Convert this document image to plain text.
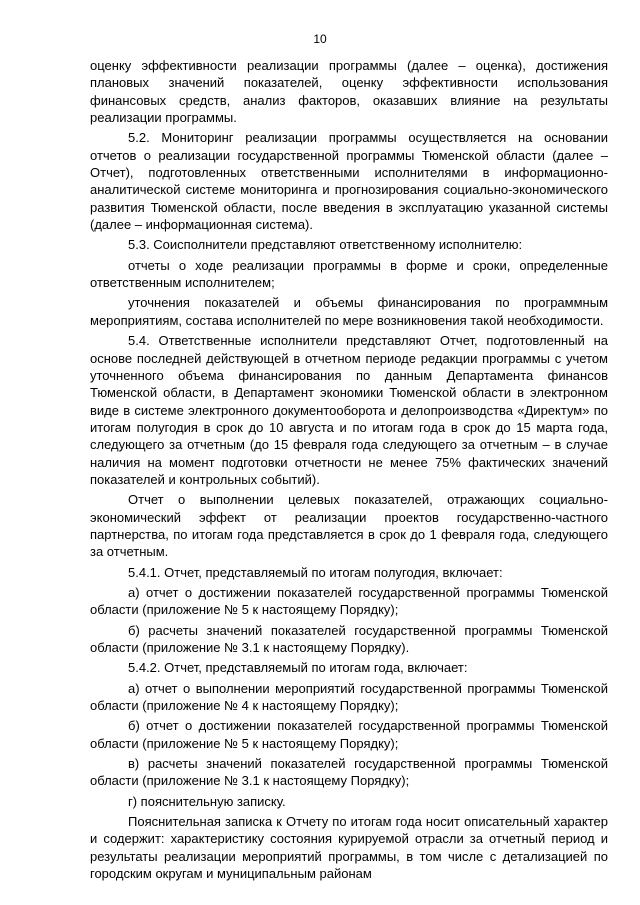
10

оценку эффективности реализации программы (далее – оценка), достижения плановых значений показателей, оценку эффективности использования финансовых средств, анализ факторов, оказавших влияние на результаты реализации программы.

5.2. Мониторинг реализации программы осуществляется на основании отчетов о реализации государственной программы Тюменской области (далее – Отчет), подготовленных ответственными исполнителями в информационно-аналитической системе мониторинга и прогнозирования социально-экономического развития Тюменской области, после введения в эксплуатацию указанной системы (далее – информационная система).

5.3. Соисполнители представляют ответственному исполнителю:

отчеты о ходе реализации программы в форме и сроки, определенные ответственным исполнителем;

уточнения показателей и объемы финансирования по программным мероприятиям, состава исполнителей по мере возникновения такой необходимости.

5.4. Ответственные исполнители представляют Отчет, подготовленный на основе последней действующей в отчетном периоде редакции программы с учетом уточненного объема финансирования по данным Департамента финансов Тюменской области, в Департамент экономики Тюменской области в электронном виде в системе электронного документооборота и делопроизводства «Директум» по итогам полугодия в срок до 10 августа и по итогам года в срок до 15 марта года, следующего за отчетным (до 15 февраля года следующего за отчетным – в случае наличия на момент подготовки отчетности не менее 75% фактических значений показателей и контрольных событий).

Отчет о выполнении целевых показателей, отражающих социально-экономический эффект от реализации проектов государственно-частного партнерства, по итогам года представляется в срок до 1 февраля года, следующего за отчетным.

5.4.1. Отчет, представляемый по итогам полугодия, включает:

а) отчет о достижении показателей государственной программы Тюменской области (приложение № 5 к настоящему Порядку);

б) расчеты значений показателей государственной программы Тюменской области (приложение № 3.1 к настоящему Порядку).

5.4.2. Отчет, представляемый по итогам года, включает:

а) отчет о выполнении мероприятий государственной программы Тюменской области (приложение № 4 к настоящему Порядку);

б) отчет о достижении показателей государственной программы Тюменской области (приложение № 5 к настоящему Порядку);

в) расчеты значений показателей государственной программы Тюменской области (приложение № 3.1 к настоящему Порядку);

г) пояснительную записку.

Пояснительная записка к Отчету по итогам года носит описательный характер и содержит: характеристику состояния курируемой отрасли за отчетный период и результаты реализации мероприятий программы, в том числе с детализацией по городским округам и муниципальным районам
